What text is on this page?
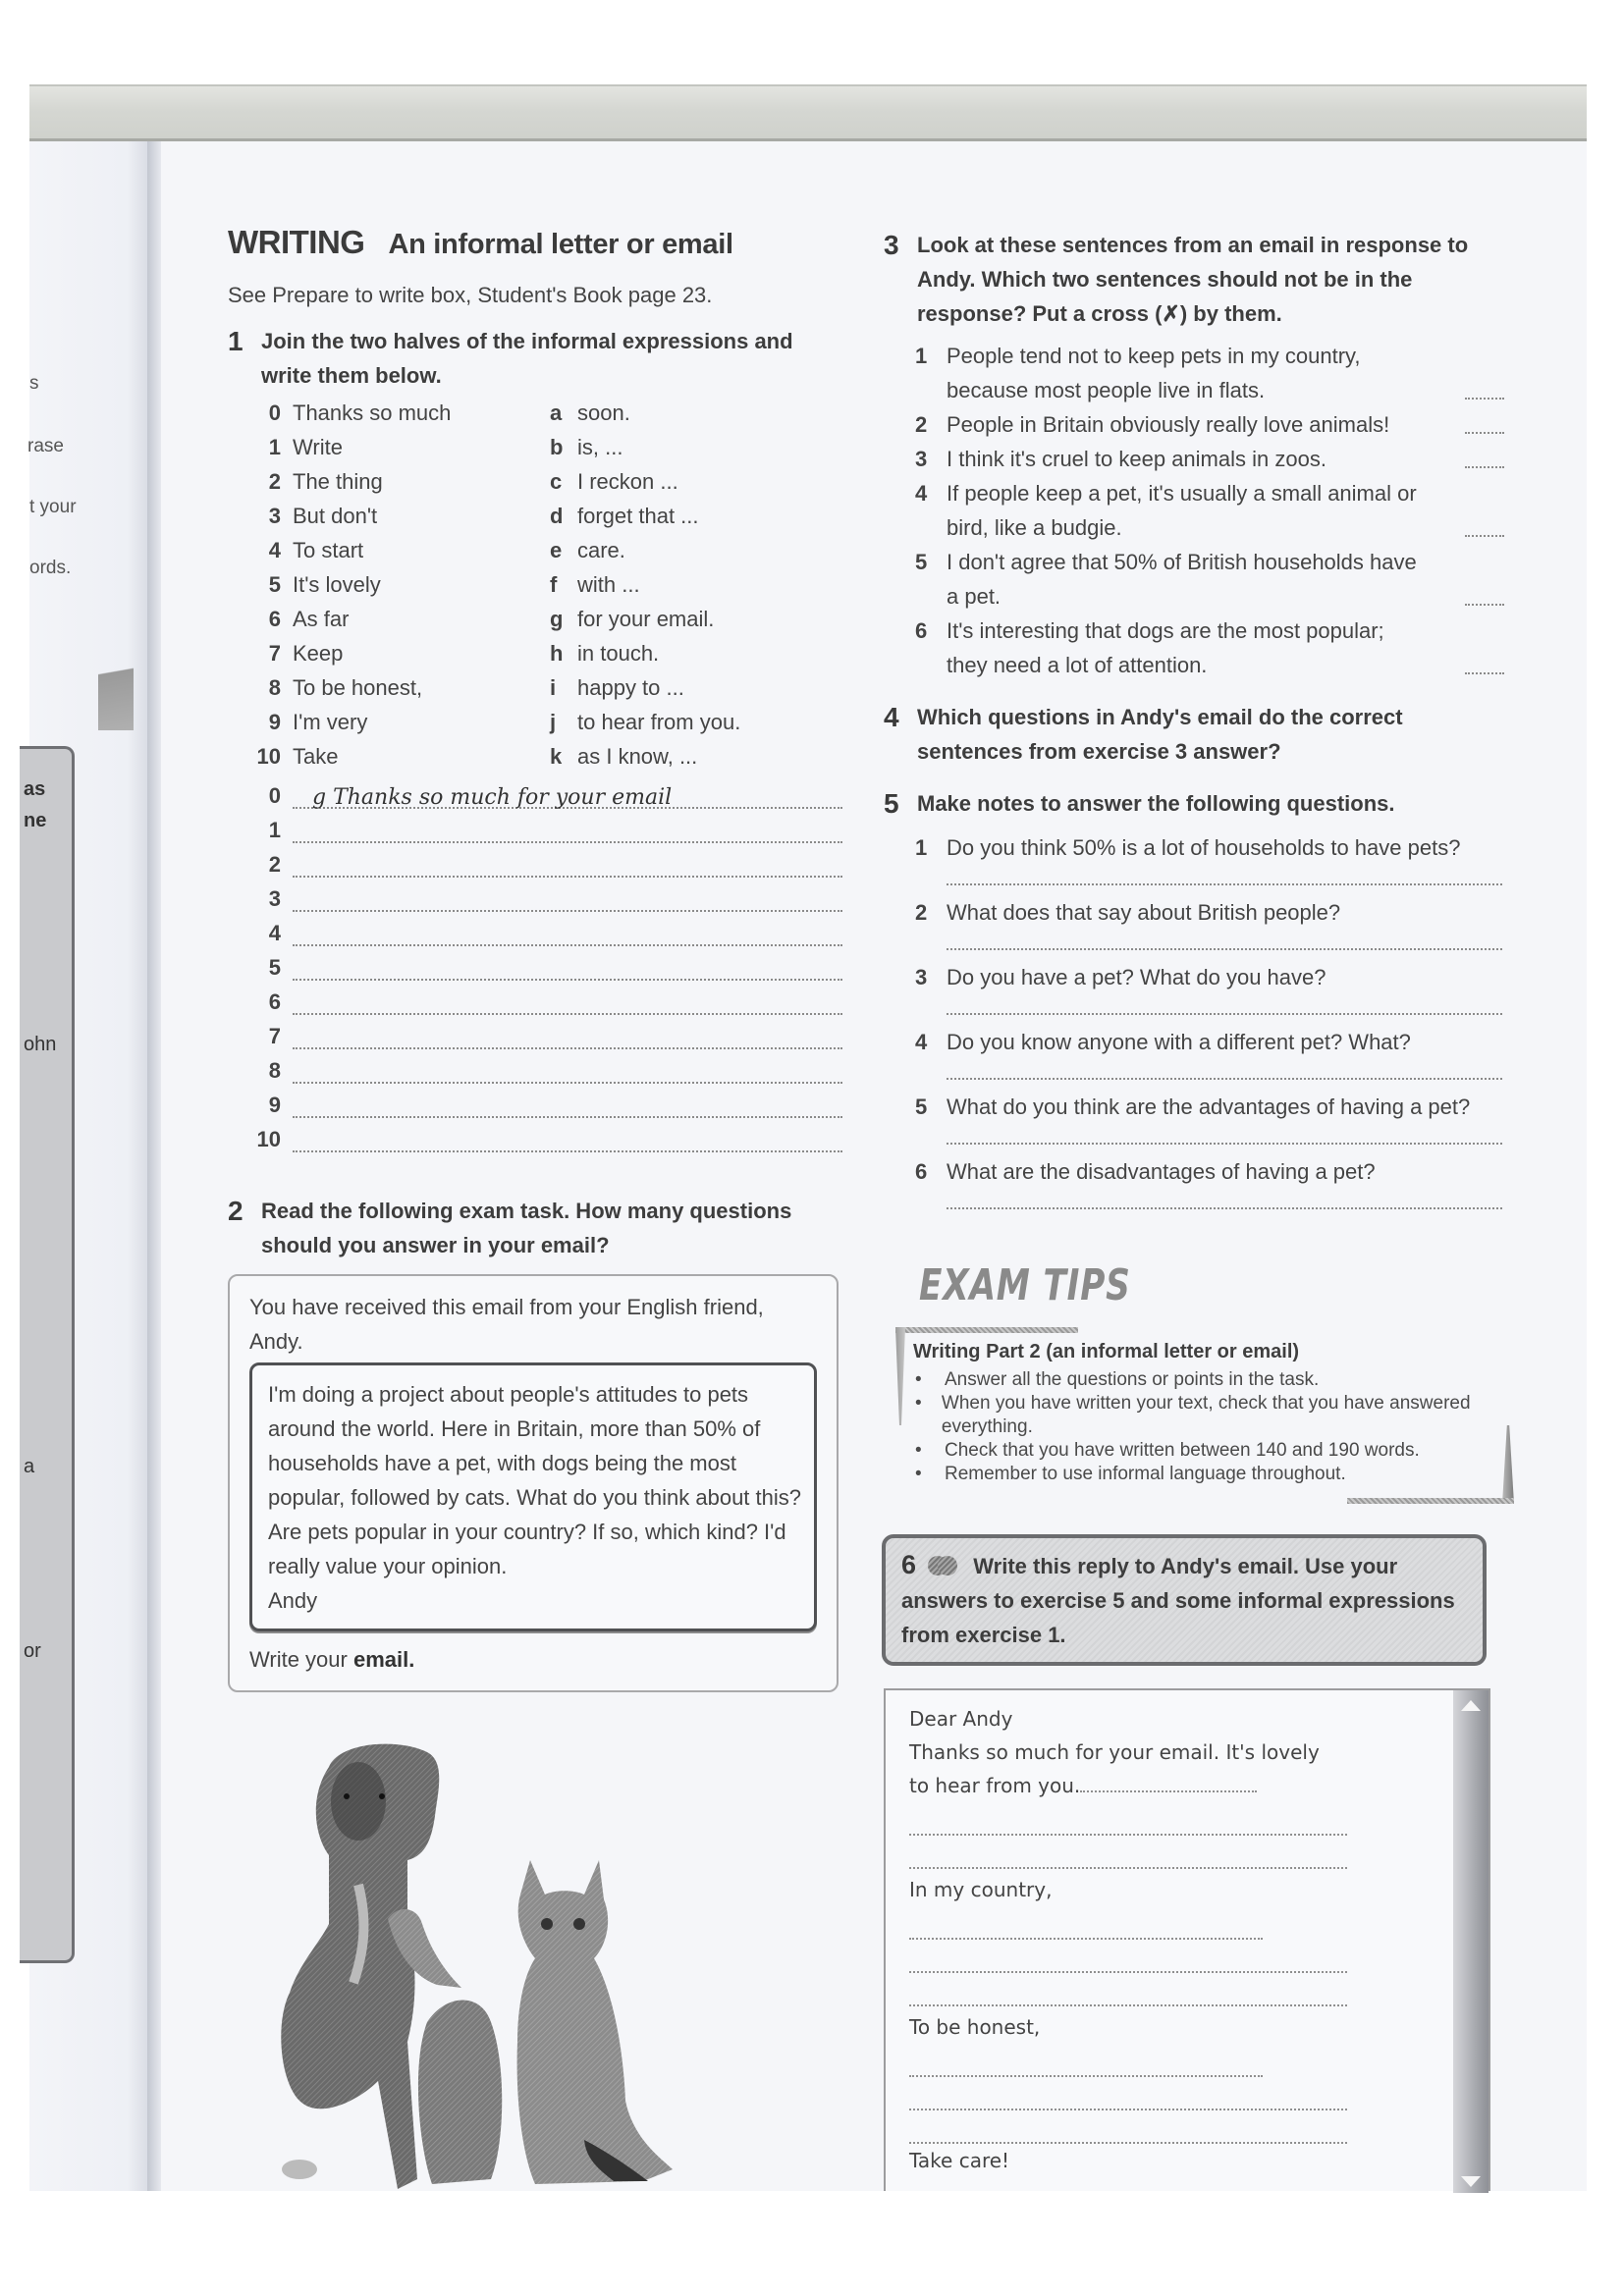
s
rase
t your
ords.
as
ne
ohn
a
or
WRITING An informal letter or email
See Prepare to write box, Student's Book page 23.
1 Join the two halves of the informal expressions and write them below.
0 Thanks so much	a soon.
1 Write	b is, ...
2 The thing	c I reckon ...
3 But don't	d forget that ...
4 To start	e care.
5 It's lovely	f with ...
6 As far	g for your email.
7 Keep	h in touch.
8 To be honest,	i happy to ...
9 I'm very	j to hear from you.
10 Take	k as I know, ...
0 g Thanks so much for your email
1
2
3
4
5
6
7
8
9
10
2 Read the following exam task. How many questions should you answer in your email?
You have received this email from your English friend, Andy.
I'm doing a project about people's attitudes to pets around the world. Here in Britain, more than 50% of households have a pet, with dogs being the most popular, followed by cats. What do you think about this? Are pets popular in your country? If so, which kind? I'd really value your opinion.
Andy
Write your email.
3 Look at these sentences from an email in response to Andy. Which two sentences should not be in the response? Put a cross (✗) by them.
1 People tend not to keep pets in my country, because most people live in flats.
2 People in Britain obviously really love animals!
3 I think it's cruel to keep animals in zoos.
4 If people keep a pet, it's usually a small animal or bird, like a budgie.
5 I don't agree that 50% of British households have a pet.
6 It's interesting that dogs are the most popular; they need a lot of attention.
4 Which questions in Andy's email do the correct sentences from exercise 3 answer?
5 Make notes to answer the following questions.
1 Do you think 50% is a lot of households to have pets?
2 What does that say about British people?
3 Do you have a pet? What do you have?
4 Do you know anyone with a different pet? What?
5 What do you think are the advantages of having a pet?
6 What are the disadvantages of having a pet?
EXAM TIPS
Writing Part 2 (an informal letter or email)
•	Answer all the questions or points in the task.
•	When you have written your text, check that you have answered everything.
•	Check that you have written between 140 and 190 words.
•	Remember to use informal language throughout.
6	Write this reply to Andy's email. Use your answers to exercise 5 and some informal expressions from exercise 1.
Dear Andy
Thanks so much for your email. It's lovely
to hear from you.
In my country,
To be honest,
Take care!
